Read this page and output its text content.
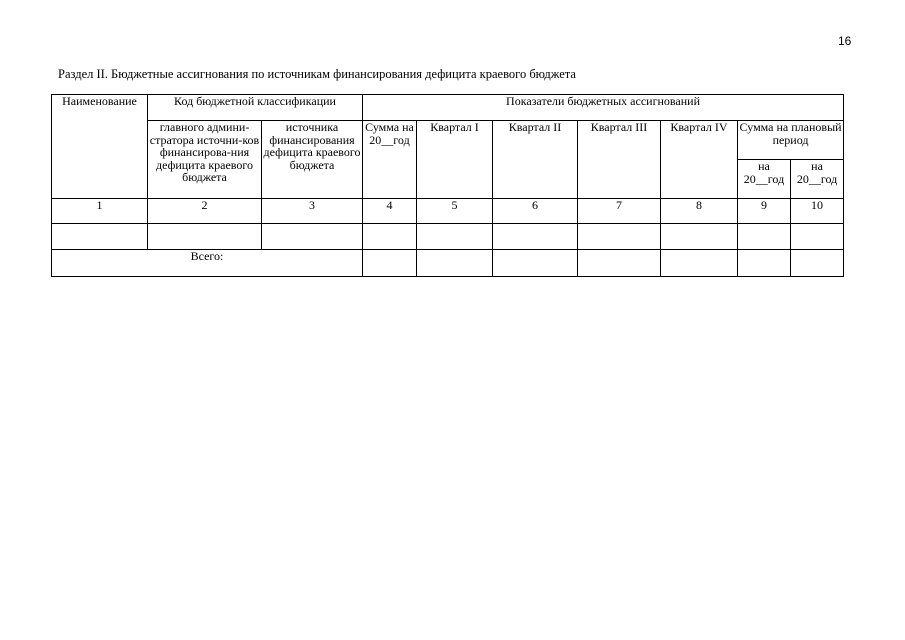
16
Раздел II. Бюджетные ассигнования по источникам финансирования дефицита краевого бюджета
Наименование	Код бюджетной классификации		Показатели бюджетных ассигнований						
	главного админи-стратора источни-ков финансирова-ния дефицита краевого бюджета	источника финансирования дефицита краевого бюджета	Сумма на 20__год	Квартал I	Квартал II	Квартал III	Квартал IV	Сумма на плановый период	
								на 20__год	на 20__год
1	2	3	4	5	6	7	8	9	10

Всего:									
